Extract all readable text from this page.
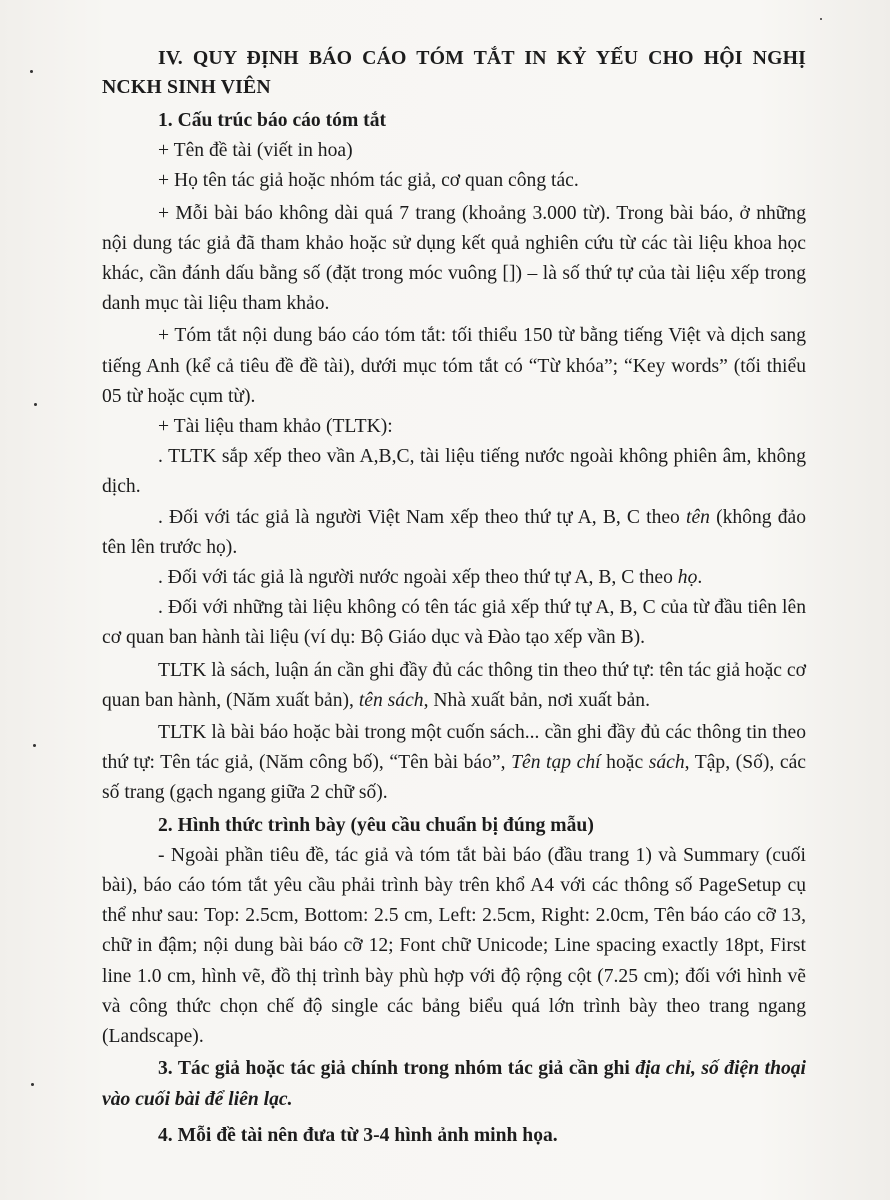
IV. QUY ĐỊNH BÁO CÁO TÓM TẮT IN KỶ YẾU CHO HỘI NGHỊ NCKH SINH VIÊN
1. Cấu trúc báo cáo tóm tắt

+ Tên đề tài (viết in hoa)

+ Họ tên tác giả hoặc nhóm tác giả, cơ quan công tác.

+ Mỗi bài báo không dài quá 7 trang (khoảng 3.000 từ). Trong bài báo, ở những nội dung tác giả đã tham khảo hoặc sử dụng kết quả nghiên cứu từ các tài liệu khoa học khác, cần đánh dấu bằng số (đặt trong móc vuông []) – là số thứ tự của tài liệu xếp trong danh mục tài liệu tham khảo.

+ Tóm tắt nội dung báo cáo tóm tắt: tối thiểu 150 từ bằng tiếng Việt và dịch sang tiếng Anh (kể cả tiêu đề đề tài), dưới mục tóm tắt có “Từ khóa”; “Key words” (tối thiểu 05 từ hoặc cụm từ).

+ Tài liệu tham khảo (TLTK):

. TLTK sắp xếp theo vần A,B,C, tài liệu tiếng nước ngoài không phiên âm, không dịch.

. Đối với tác giả là người Việt Nam xếp theo thứ tự A, B, C theo tên (không đảo tên lên trước họ).

. Đối với tác giả là người nước ngoài xếp theo thứ tự A, B, C theo họ.

. Đối với những tài liệu không có tên tác giả xếp thứ tự A, B, C của từ đầu tiên lên cơ quan ban hành tài liệu (ví dụ: Bộ Giáo dục và Đào tạo xếp vần B).

TLTK là sách, luận án cần ghi đầy đủ các thông tin theo thứ tự: tên tác giả hoặc cơ quan ban hành, (Năm xuất bản), tên sách, Nhà xuất bản, nơi xuất bản.

TLTK là bài báo hoặc bài trong một cuốn sách... cần ghi đầy đủ các thông tin theo thứ tự: Tên tác giả, (Năm công bố), “Tên bài báo”, Tên tạp chí hoặc sách, Tập, (Số), các số trang (gạch ngang giữa 2 chữ số).

2. Hình thức trình bày (yêu cầu chuẩn bị đúng mẫu)

- Ngoài phần tiêu đề, tác giả và tóm tắt bài báo (đầu trang 1) và Summary (cuối bài), báo cáo tóm tắt yêu cầu phải trình bày trên khổ A4 với các thông số PageSetup cụ thể như sau: Top: 2.5cm, Bottom: 2.5 cm, Left: 2.5cm, Right: 2.0cm, Tên báo cáo cỡ 13, chữ in đậm; nội dung bài báo cỡ 12; Font chữ Unicode; Line spacing exactly 18pt, First line 1.0 cm, hình vẽ, đồ thị trình bày phù hợp với độ rộng cột (7.25 cm); đối với hình vẽ và công thức chọn chế độ single các bảng biểu quá lớn trình bày theo trang ngang (Landscape).

3. Tác giả hoặc tác giả chính trong nhóm tác giả cần ghi địa chỉ, số điện thoại vào cuối bài để liên lạc.

4. Mỗi đề tài nên đưa từ 3-4 hình ảnh minh họa.
